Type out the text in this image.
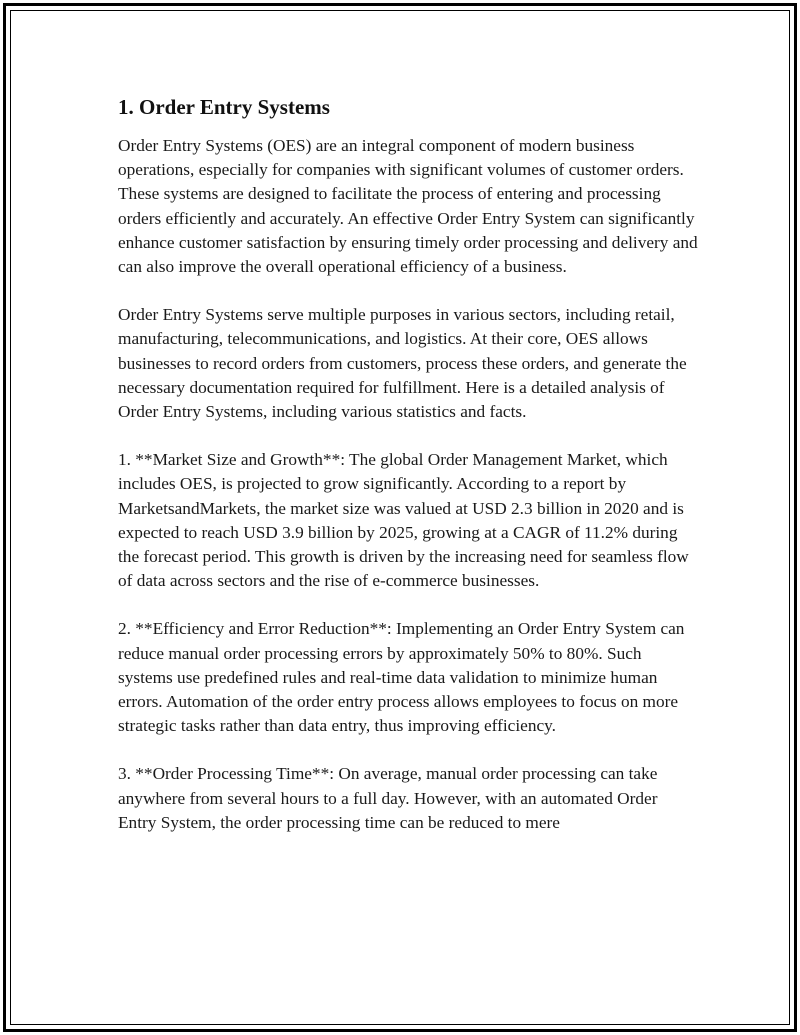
1. Order Entry Systems

Order Entry Systems (OES) are an integral component of modern business operations, especially for companies with significant volumes of customer orders. These systems are designed to facilitate the process of entering and processing orders efficiently and accurately. An effective Order Entry System can significantly enhance customer satisfaction by ensuring timely order processing and delivery and can also improve the overall operational efficiency of a business.

Order Entry Systems serve multiple purposes in various sectors, including retail, manufacturing, telecommunications, and logistics. At their core, OES allows businesses to record orders from customers, process these orders, and generate the necessary documentation required for fulfillment. Here is a detailed analysis of Order Entry Systems, including various statistics and facts.

1. **Market Size and Growth**: The global Order Management Market, which includes OES, is projected to grow significantly. According to a report by MarketsandMarkets, the market size was valued at USD 2.3 billion in 2020 and is expected to reach USD 3.9 billion by 2025, growing at a CAGR of 11.2% during the forecast period. This growth is driven by the increasing need for seamless flow of data across sectors and the rise of e-commerce businesses.

2. **Efficiency and Error Reduction**: Implementing an Order Entry System can reduce manual order processing errors by approximately 50% to 80%. Such systems use predefined rules and real-time data validation to minimize human errors. Automation of the order entry process allows employees to focus on more strategic tasks rather than data entry, thus improving efficiency.

3. **Order Processing Time**: On average, manual order processing can take anywhere from several hours to a full day. However, with an automated Order Entry System, the order processing time can be reduced to mere
